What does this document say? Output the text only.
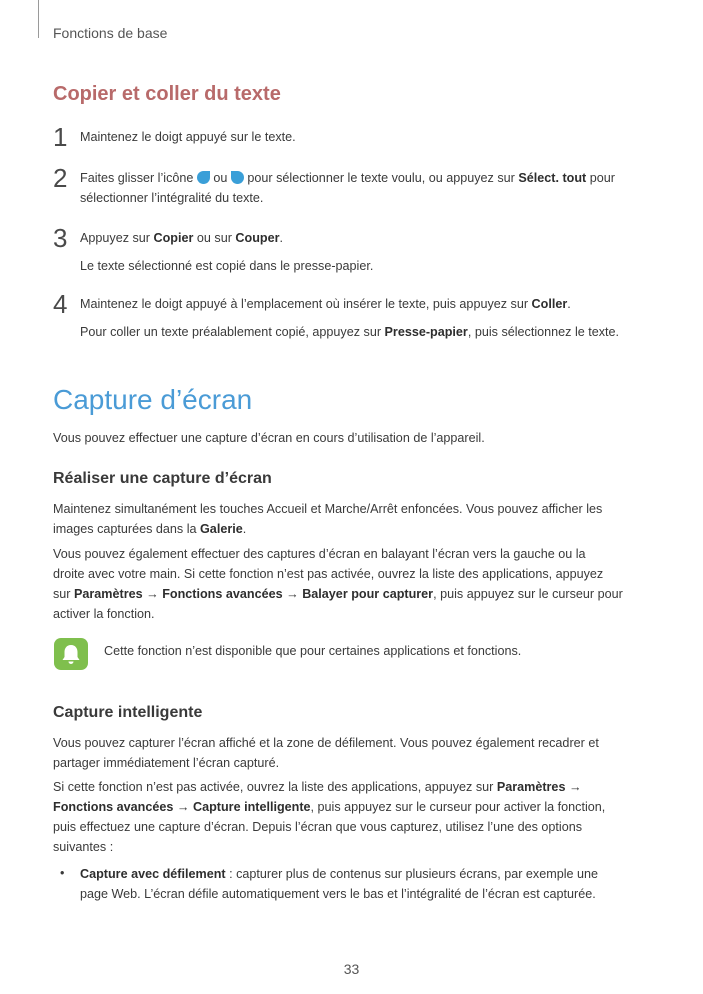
Fonctions de base
Copier et coller du texte
1 Maintenez le doigt appuyé sur le texte.
2 Faites glisser l’icône  ou  pour sélectionner le texte voulu, ou appuyez sur Sélect. tout pour
sélectionner l’intégralité du texte.
3 Appuyez sur Copier ou sur Couper.
Le texte sélectionné est copié dans le presse-papier.
4 Maintenez le doigt appuyé à l’emplacement où insérer le texte, puis appuyez sur Coller.
Pour coller un texte préalablement copié, appuyez sur Presse-papier, puis sélectionnez le texte.
Capture d’écran
Vous pouvez effectuer une capture d’écran en cours d’utilisation de l’appareil.
Réaliser une capture d’écran
Maintenez simultanément les touches Accueil et Marche/Arrêt enfoncées. Vous pouvez afficher les
images capturées dans la Galerie.
Vous pouvez également effectuer des captures d’écran en balayant l’écran vers la gauche ou la
droite avec votre main. Si cette fonction n’est pas activée, ouvrez la liste des applications, appuyez
sur Paramètres → Fonctions avancées → Balayer pour capturer, puis appuyez sur le curseur pour
activer la fonction.
Cette fonction n’est disponible que pour certaines applications et fonctions.
Capture intelligente
Vous pouvez capturer l’écran affiché et la zone de défilement. Vous pouvez également recadrer et
partager immédiatement l’écran capturé.
Si cette fonction n’est pas activée, ouvrez la liste des applications, appuyez sur Paramètres →
Fonctions avancées → Capture intelligente, puis appuyez sur le curseur pour activer la fonction,
puis effectuez une capture d’écran. Depuis l’écran que vous capturez, utilisez l’une des options
suivantes :
• Capture avec défilement : capturer plus de contenus sur plusieurs écrans, par exemple une
page Web. L’écran défile automatiquement vers le bas et l’intégralité de l’écran est capturée.
33
